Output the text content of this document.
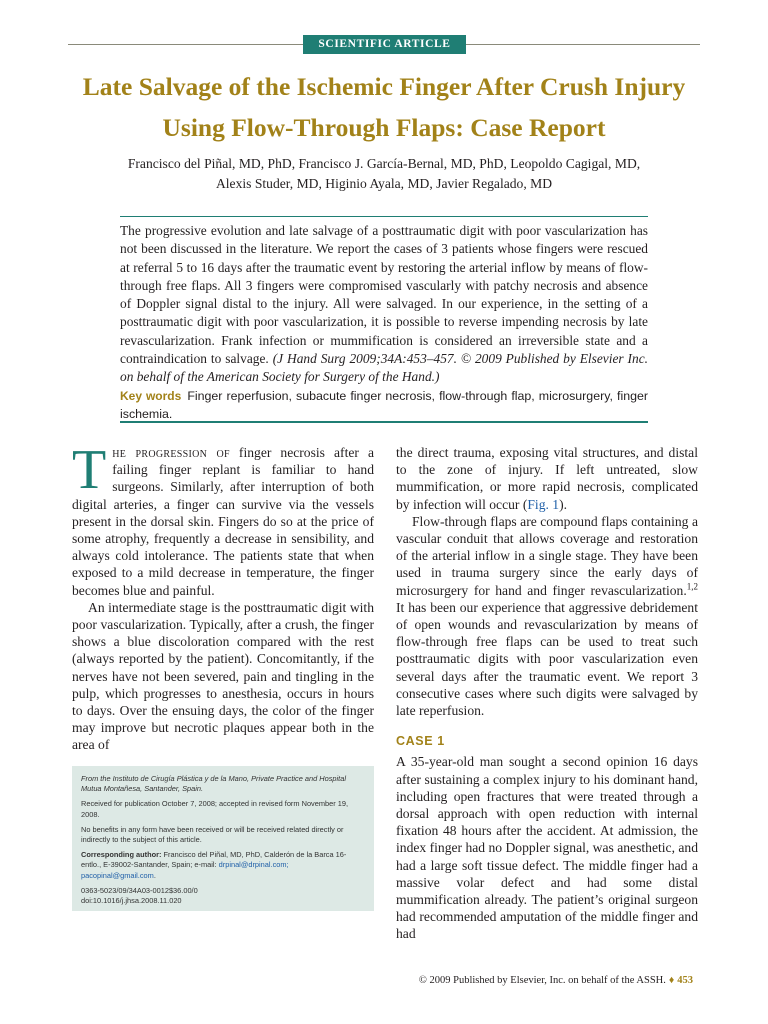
SCIENTIFIC ARTICLE
Late Salvage of the Ischemic Finger After Crush Injury
Using Flow-Through Flaps: Case Report
Francisco del Piñal, MD, PhD, Francisco J. García-Bernal, MD, PhD, Leopoldo Cagigal, MD,
Alexis Studer, MD, Higinio Ayala, MD, Javier Regalado, MD
The progressive evolution and late salvage of a posttraumatic digit with poor vascularization has not been discussed in the literature. We report the cases of 3 patients whose fingers were rescued at referral 5 to 16 days after the traumatic event by restoring the arterial inflow by means of flow-through free flaps. All 3 fingers were compromised vascularly with patchy necrosis and absence of Doppler signal distal to the injury. All were salvaged. In our experience, in the setting of a posttraumatic digit with poor vascularization, it is possible to reverse impending necrosis by late revascularization. Frank infection or mummification is considered an irreversible state and a contraindication to salvage. (J Hand Surg 2009;34A:453–457. © 2009 Published by Elsevier Inc. on behalf of the American Society for Surgery of the Hand.)
Key words Finger reperfusion, subacute finger necrosis, flow-through flap, microsurgery, finger ischemia.

The progression of finger necrosis after a failing finger replant is familiar to hand surgeons. Similarly, after interruption of both digital arteries, a finger can survive via the vessels present in the dorsal skin. Fingers do so at the price of some atrophy, frequently a decrease in sensibility, and always cold intolerance. The patients state that when exposed to a mild decrease in temperature, the finger becomes blue and painful.

An intermediate stage is the posttraumatic digit with poor vascularization. Typically, after a crush, the finger shows a blue discoloration compared with the rest (always reported by the patient). Concomitantly, if the nerves have not been severed, pain and tingling in the pulp, which progresses to anesthesia, occurs in hours to days. Over the ensuing days, the color of the finger may improve but necrotic plaques appear both in the area of

From the Instituto de Cirugía Plástica y de la Mano, Private Practice and Hospital Mutua Montañesa, Santander, Spain.

Received for publication October 7, 2008; accepted in revised form November 19, 2008.

No benefits in any form have been received or will be received related directly or indirectly to the subject of this article.

Corresponding author: Francisco del Piñal, MD, PhD, Calderón de la Barca 16-entlo., E-39002-Santander, Spain; e-mail: drpinal@drpinal.com; pacopinal@gmail.com.

0363-5023/09/34A03-0012$36.00/0
doi:10.1016/j.jhsa.2008.11.020

the direct trauma, exposing vital structures, and distal to the zone of injury. If left untreated, slow mummification, or more rapid necrosis, complicated by infection will occur (Fig. 1).

Flow-through flaps are compound flaps containing a vascular conduit that allows coverage and restoration of the arterial inflow in a single stage. They have been used in trauma surgery since the early days of microsurgery for hand and finger revascularization.$^{1,2}$ It has been our experience that aggressive debridement of open wounds and revascularization by means of flow-through free flaps can be used to treat such posttraumatic digits with poor vascularization even several days after the traumatic event. We report 3 consecutive cases where such digits were salvaged by late reperfusion.

CASE 1

A 35-year-old man sought a second opinion 16 days after sustaining a complex injury to his dominant hand, including open fractures that were treated through a dorsal approach with open reduction with internal fixation 48 hours after the accident. At admission, the index finger had no Doppler signal, was anesthetic, and had a large soft tissue defect. The middle finger had a massive volar defect and had some distal mummification already. The patient’s original surgeon had recommended amputation of the middle finger and had

© 2009 Published by Elsevier, Inc. on behalf of the ASSH. ♦ 453
